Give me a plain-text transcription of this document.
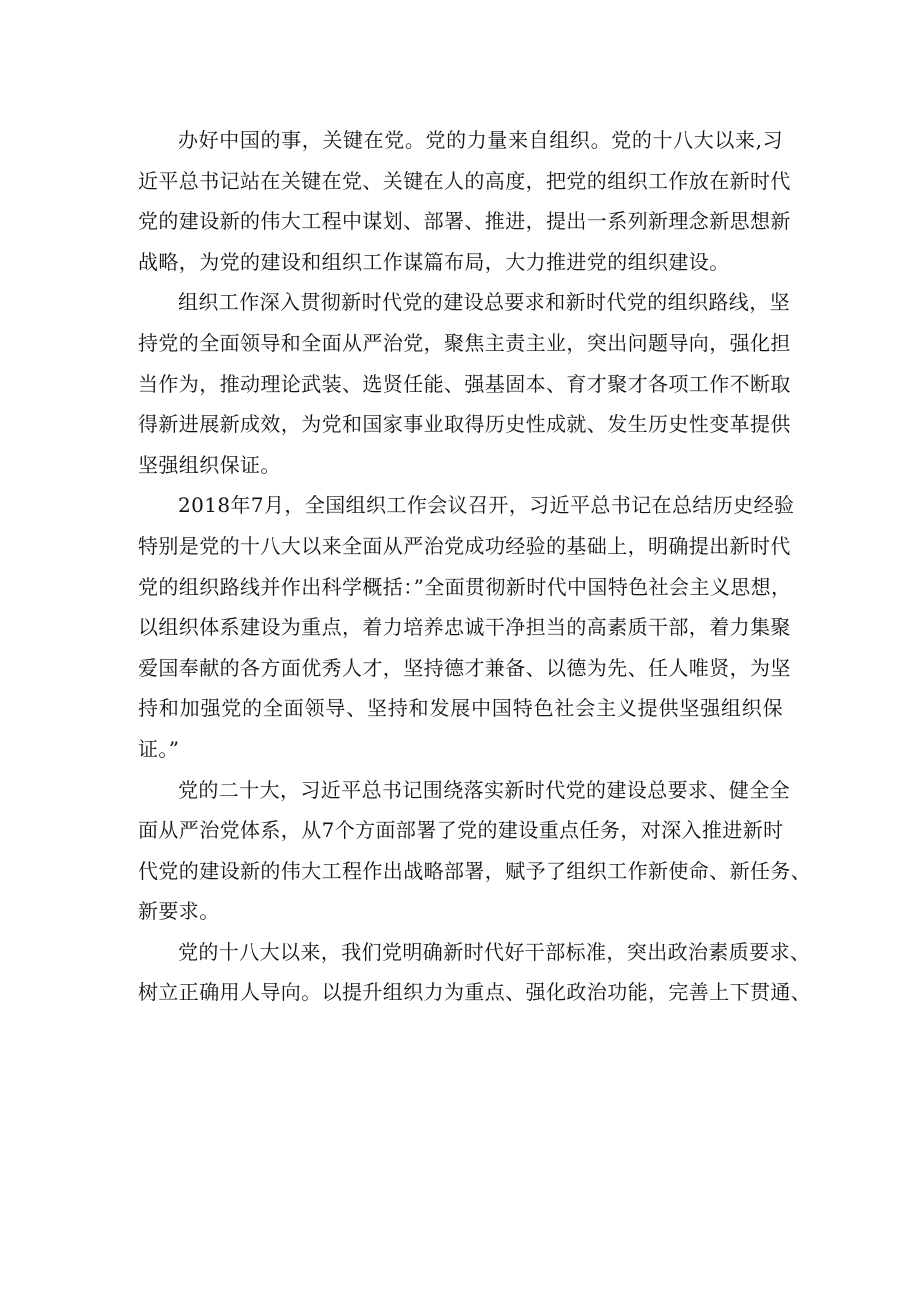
办好中国的事，关键在党。党的力量来自组织。党的十八大以来,习
近平总书记站在关键在党、关键在人的高度，把党的组织工作放在新时代
党的建设新的伟大工程中谋划、部署、推进，提出一系列新理念新思想新
战略，为党的建设和组织工作谋篇布局，大力推进党的组织建设。
组织工作深入贯彻新时代党的建设总要求和新时代党的组织路线，坚
持党的全面领导和全面从严治党，聚焦主责主业，突出问题导向，强化担
当作为，推动理论武装、选贤任能、强基固本、育才聚才各项工作不断取
得新进展新成效，为党和国家事业取得历史性成就、发生历史性变革提供
坚强组织保证。
2018年7月，全国组织工作会议召开，习近平总书记在总结历史经验
特别是党的十八大以来全面从严治党成功经验的基础上，明确提出新时代
党的组织路线并作出科学概括：”全面贯彻新时代中国特色社会主义思想，
以组织体系建设为重点，着力培养忠诚干净担当的高素质干部，着力集聚
爱国奉献的各方面优秀人才，坚持德才兼备、以德为先、任人唯贤，为坚
持和加强党的全面领导、坚持和发展中国特色社会主义提供坚强组织保
证。”
党的二十大，习近平总书记围绕落实新时代党的建设总要求、健全全
面从严治党体系，从7个方面部署了党的建设重点任务，对深入推进新时
代党的建设新的伟大工程作出战略部署，赋予了组织工作新使命、新任务、
新要求。
党的十八大以来，我们党明确新时代好干部标准，突出政治素质要求、
树立正确用人导向。以提升组织力为重点、强化政治功能，完善上下贯通、
